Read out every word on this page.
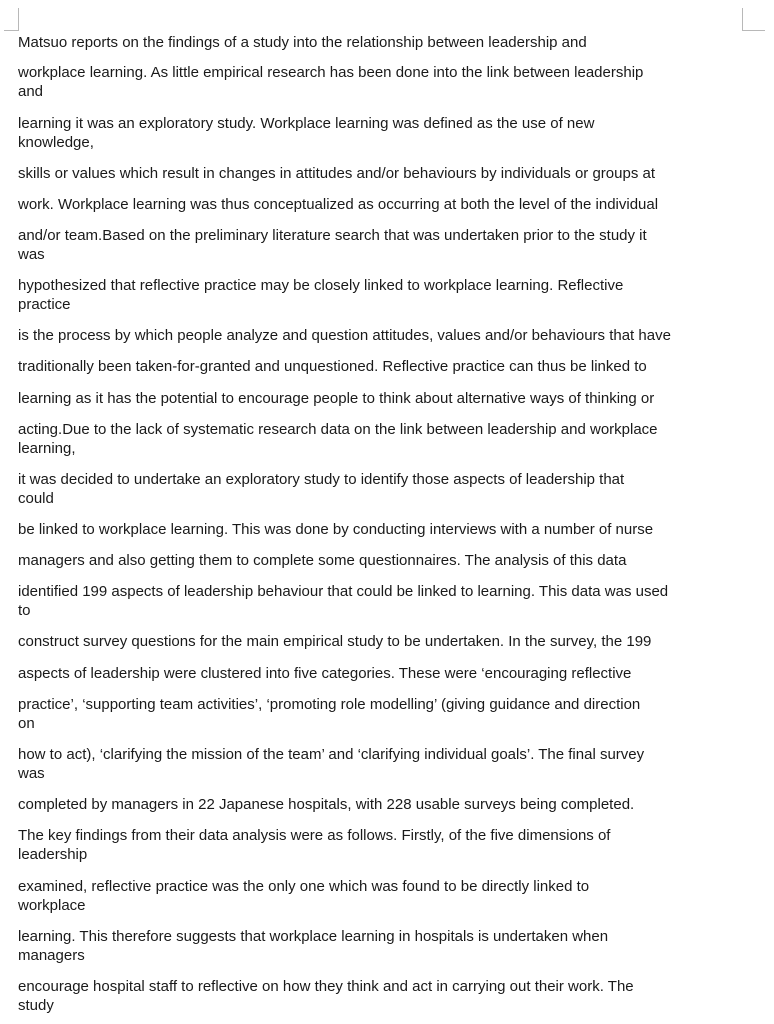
Matsuo reports on the findings of a study into the relationship between leadership and

workplace learning. As little empirical research has been done into the link between leadership
and

learning it was an exploratory study. Workplace learning was defined as the use of new
knowledge,

skills or values which result in changes in attitudes and/or behaviours by individuals or groups at

work. Workplace learning was thus conceptualized as occurring at both the level of the individual

and/or team.Based on the preliminary literature search that was undertaken prior to the study it
was

hypothesized that reflective practice may be closely linked to workplace learning. Reflective
practice

is the process by which people analyze and question attitudes, values and/or behaviours that have

traditionally been taken-for-granted and unquestioned. Reflective practice can thus be linked to

learning as it has the potential to encourage people to think about alternative ways of thinking or

acting.Due to the lack of systematic research data on the link between leadership and workplace
learning,

it was decided to undertake an exploratory study to identify those aspects of leadership that
could

be linked to workplace learning. This was done by conducting interviews with a number of nurse

managers and also getting them to complete some questionnaires. The analysis of this data

identified 199 aspects of leadership behaviour that could be linked to learning. This data was used
to

construct survey questions for the main empirical study to be undertaken. In the survey, the 199

aspects of leadership were clustered into five categories. These were ‘encouraging reflective

practice’, ‘supporting team activities’, ‘promoting role modelling’ (giving guidance and direction
on

how to act), ‘clarifying the mission of the team’ and ‘clarifying individual goals’. The final survey
was

completed by managers in 22 Japanese hospitals, with 228 usable surveys being completed.

The key findings from their data analysis were as follows. Firstly, of the five dimensions of
leadership

examined, reflective practice was the only one which was found to be directly linked to
workplace

learning. This therefore suggests that workplace learning in hospitals is undertaken when
managers

encourage hospital staff to reflective on how they think and act in carrying out their work. The
study
